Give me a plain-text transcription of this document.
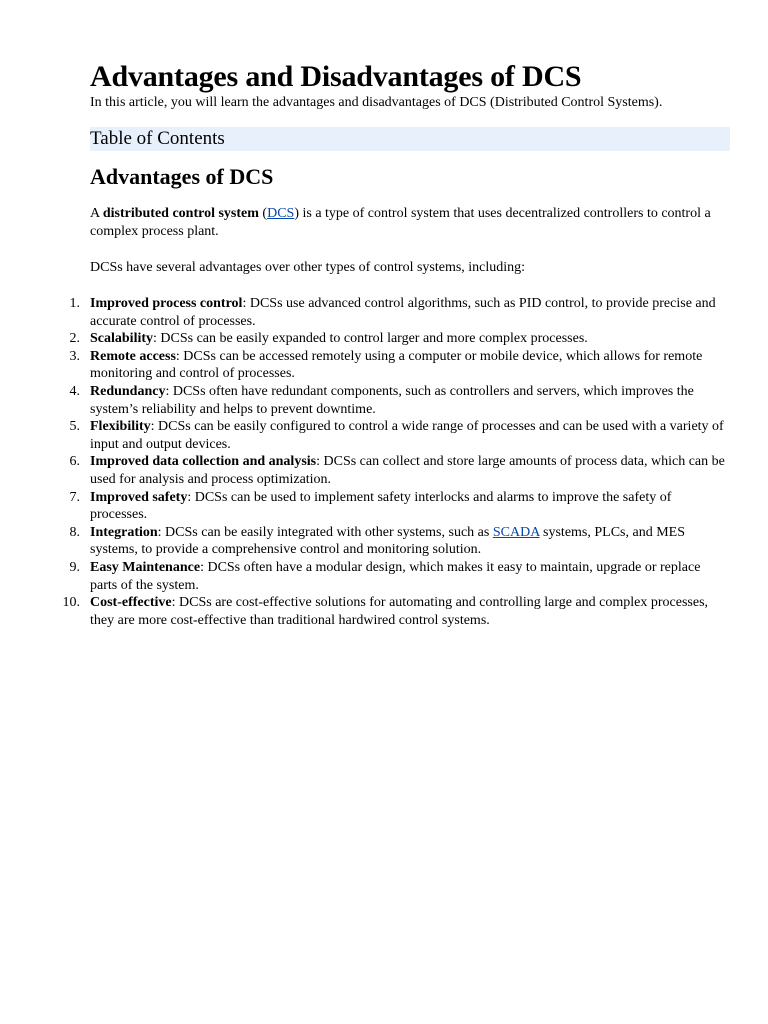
Advantages and Disadvantages of DCS

In this article, you will learn the advantages and disadvantages of DCS (Distributed Control Systems).

Table of Contents
Advantages of DCS

A distributed control system (DCS) is a type of control system that uses decentralized controllers to control a complex process plant.

DCSs have several advantages over other types of control systems, including:

1. Improved process control: DCSs use advanced control algorithms, such as PID control, to provide precise and accurate control of processes.
2. Scalability: DCSs can be easily expanded to control larger and more complex processes.
3. Remote access: DCSs can be accessed remotely using a computer or mobile device, which allows for remote monitoring and control of processes.
4. Redundancy: DCSs often have redundant components, such as controllers and servers, which improves the system’s reliability and helps to prevent downtime.
5. Flexibility: DCSs can be easily configured to control a wide range of processes and can be used with a variety of input and output devices.
6. Improved data collection and analysis: DCSs can collect and store large amounts of process data, which can be used for analysis and process optimization.
7. Improved safety: DCSs can be used to implement safety interlocks and alarms to improve the safety of processes.
8. Integration: DCSs can be easily integrated with other systems, such as SCADA systems, PLCs, and MES systems, to provide a comprehensive control and monitoring solution.
9. Easy Maintenance: DCSs often have a modular design, which makes it easy to maintain, upgrade or replace parts of the system.
10. Cost-effective: DCSs are cost-effective solutions for automating and controlling large and complex processes, they are more cost-effective than traditional hardwired control systems.
